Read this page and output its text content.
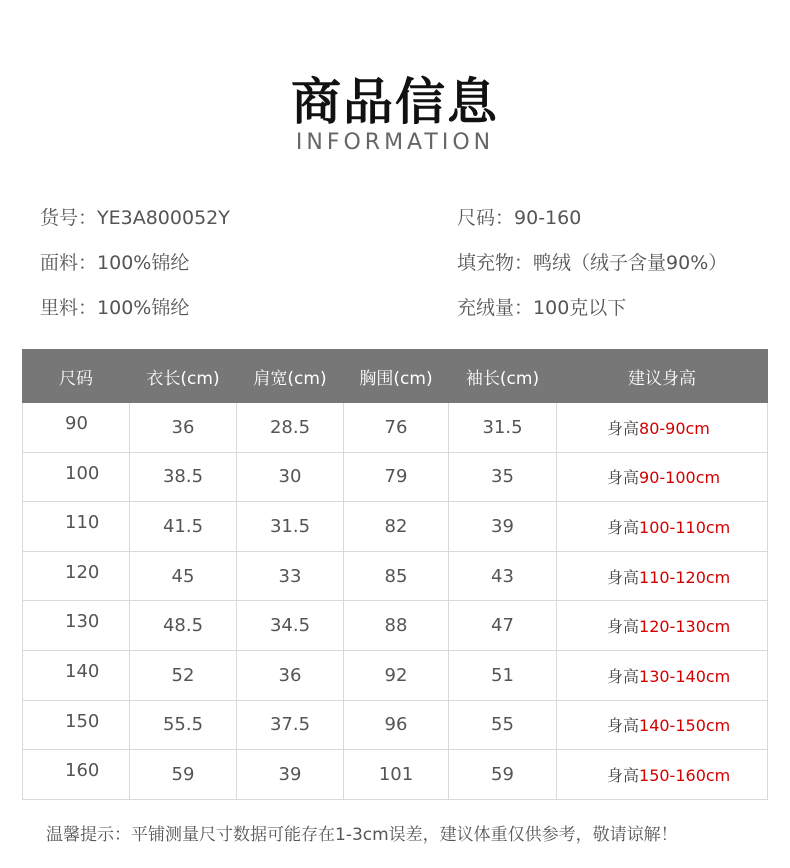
商品信息
INFORMATION
货号：YE3A800052Y
面料：100%锦纶
里料：100%锦纶
尺码：90-160
填充物：鸭绒（绒子含量90%）
充绒量：100克以下
尺码	衣长(cm)	肩宽(cm)	胸围(cm)	袖长(cm)	建议身高
90	36	28.5	76	31.5	身高80-90cm
100	38.5	30	79	35	身高90-100cm
110	41.5	31.5	82	39	身高100-110cm
120	45	33	85	43	身高110-120cm
130	48.5	34.5	88	47	身高120-130cm
140	52	36	92	51	身高130-140cm
150	55.5	37.5	96	55	身高140-150cm
160	59	39	101	59	身高150-160cm
温馨提示：平铺测量尺寸数据可能存在1-3cm误差，建议体重仅供参考，敬请谅解！
